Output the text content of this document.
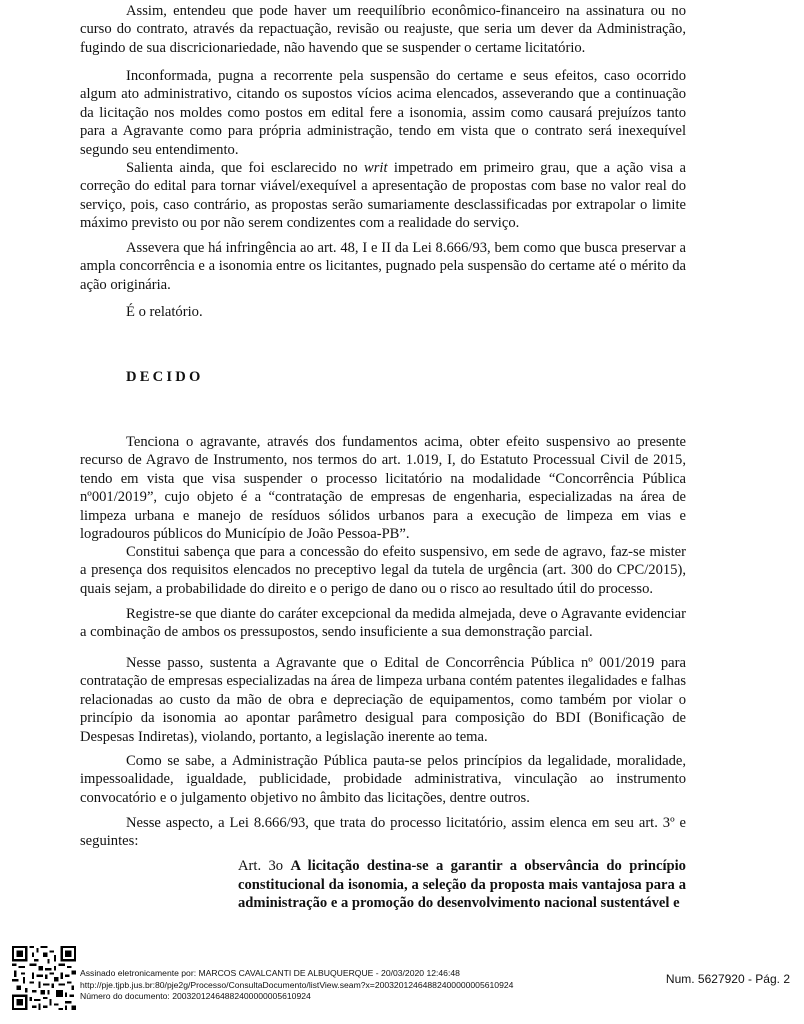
Assim, entendeu que pode haver um reequilíbrio econômico-financeiro na assinatura ou no curso do contrato, através da repactuação, revisão ou reajuste, que seria um dever da Administração, fugindo de sua discricionariedade, não havendo que se suspender o certame licitatório.

Inconformada, pugna a recorrente pela suspensão do certame e seus efeitos, caso ocorrido algum ato administrativo, citando os supostos vícios acima elencados, asseverando que a continuação da licitação nos moldes como postos em edital fere a isonomia, assim como causará prejuízos tanto para a Agravante como para própria administração, tendo em vista que o contrato será inexequível segundo seu entendimento.

Salienta ainda, que foi esclarecido no writ impetrado em primeiro grau, que a ação visa a correção do edital para tornar viável/exequível a apresentação de propostas com base no valor real do serviço, pois, caso contrário, as propostas serão sumariamente desclassificadas por extrapolar o limite máximo previsto ou por não serem condizentes com a realidade do serviço.

Assevera que há infringência ao art. 48, I e II da Lei 8.666/93, bem como que busca preservar a ampla concorrência e a isonomia entre os licitantes, pugnado pela suspensão do certame até o mérito da ação originária.

É o relatório.

DECIDO

Tenciona o agravante, através dos fundamentos acima, obter efeito suspensivo ao presente recurso de Agravo de Instrumento, nos termos do art. 1.019, I, do Estatuto Processual Civil de 2015, tendo em vista que visa suspender o processo licitatório na modalidade “Concorrência Pública nº001/2019”, cujo objeto é a “contratação de empresas de engenharia, especializadas na área de limpeza urbana e manejo de resíduos sólidos urbanos para a execução de limpeza em vias e logradouros públicos do Município de João Pessoa-PB”.

Constitui sabença que para a concessão do efeito suspensivo, em sede de agravo, faz-se mister a presença dos requisitos elencados no preceptivo legal da tutela de urgência (art. 300 do CPC/2015), quais sejam, a probabilidade do direito e o perigo de dano ou o risco ao resultado útil do processo.

Registre-se que diante do caráter excepcional da medida almejada, deve o Agravante evidenciar a combinação de ambos os pressupostos, sendo insuficiente a sua demonstração parcial.

Nesse passo, sustenta a Agravante que o Edital de Concorrência Pública nº 001/2019 para contratação de empresas especializadas na área de limpeza urbana contém patentes ilegalidades e falhas relacionadas ao custo da mão de obra e depreciação de equipamentos, como também por violar o princípio da isonomia ao apontar parâmetro desigual para composição do BDI (Bonificação de Despesas Indiretas), violando, portanto, a legislação inerente ao tema.

Como se sabe, a Administração Pública pauta-se pelos princípios da legalidade, moralidade, impessoalidade, igualdade, publicidade, probidade administrativa, vinculação ao instrumento convocatório e o julgamento objetivo no âmbito das licitações, dentre outros.

Nesse aspecto, a Lei 8.666/93, que trata do processo licitatório, assim elenca em seu art. 3º e seguintes:

Art. 3o A licitação destina-se a garantir a observância do princípio constitucional da isonomia, a seleção da proposta mais vantajosa para a administração e a promoção do desenvolvimento nacional sustentável e

Assinado eletronicamente por: MARCOS CAVALCANTI DE ALBUQUERQUE - 20/03/2020 12:46:48
http://pje.tjpb.jus.br:80/pje2g/Processo/ConsultaDocumento/listView.seam?x=20032012464882400000005610924
Número do documento: 20032012464882400000005610924
Num. 5627920 - Pág. 2
